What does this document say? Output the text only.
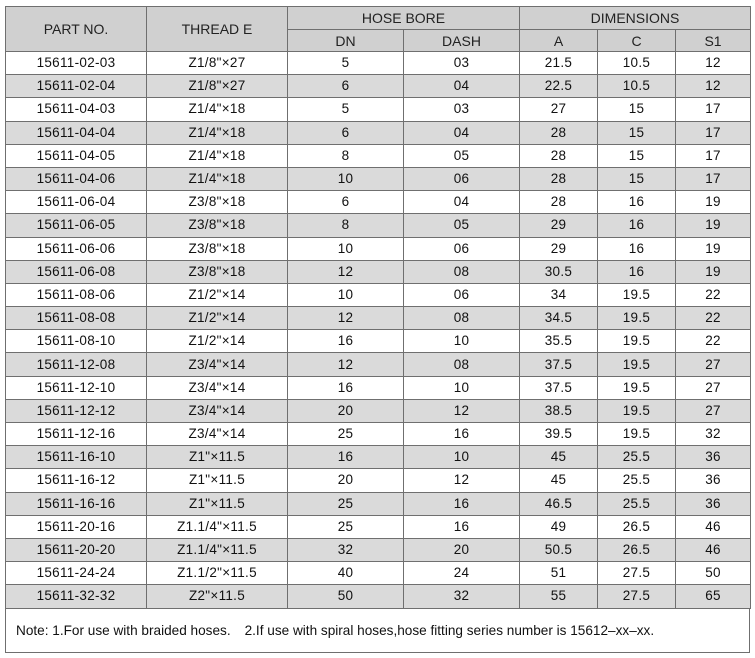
PART NO.	THREAD E	HOSE BORE		DIMENSIONS		
		DN	DASH	A	C	S1
15611-02-03	Z1/8"×27	5	03	21.5	10.5	12
15611-02-04	Z1/8"×27	6	04	22.5	10.5	12
15611-04-03	Z1/4"×18	5	03	27	15	17
15611-04-04	Z1/4"×18	6	04	28	15	17
15611-04-05	Z1/4"×18	8	05	28	15	17
15611-04-06	Z1/4"×18	10	06	28	15	17
15611-06-04	Z3/8"×18	6	04	28	16	19
15611-06-05	Z3/8"×18	8	05	29	16	19
15611-06-06	Z3/8"×18	10	06	29	16	19
15611-06-08	Z3/8"×18	12	08	30.5	16	19
15611-08-06	Z1/2"×14	10	06	34	19.5	22
15611-08-08	Z1/2"×14	12	08	34.5	19.5	22
15611-08-10	Z1/2"×14	16	10	35.5	19.5	22
15611-12-08	Z3/4"×14	12	08	37.5	19.5	27
15611-12-10	Z3/4"×14	16	10	37.5	19.5	27
15611-12-12	Z3/4"×14	20	12	38.5	19.5	27
15611-12-16	Z3/4"×14	25	16	39.5	19.5	32
15611-16-10	Z1"×11.5	16	10	45	25.5	36
15611-16-12	Z1"×11.5	20	12	45	25.5	36
15611-16-16	Z1"×11.5	25	16	46.5	25.5	36
15611-20-16	Z1.1/4"×11.5	25	16	49	26.5	46
15611-20-20	Z1.1/4"×11.5	32	20	50.5	26.5	46
15611-24-24	Z1.1/2"×11.5	40	24	51	27.5	50
15611-32-32	Z2"×11.5	50	32	55	27.5	65
Note: 1.For use with braided hoses. 2.If use with spiral hoses,hose fitting series number is 15612–xx–xx.
